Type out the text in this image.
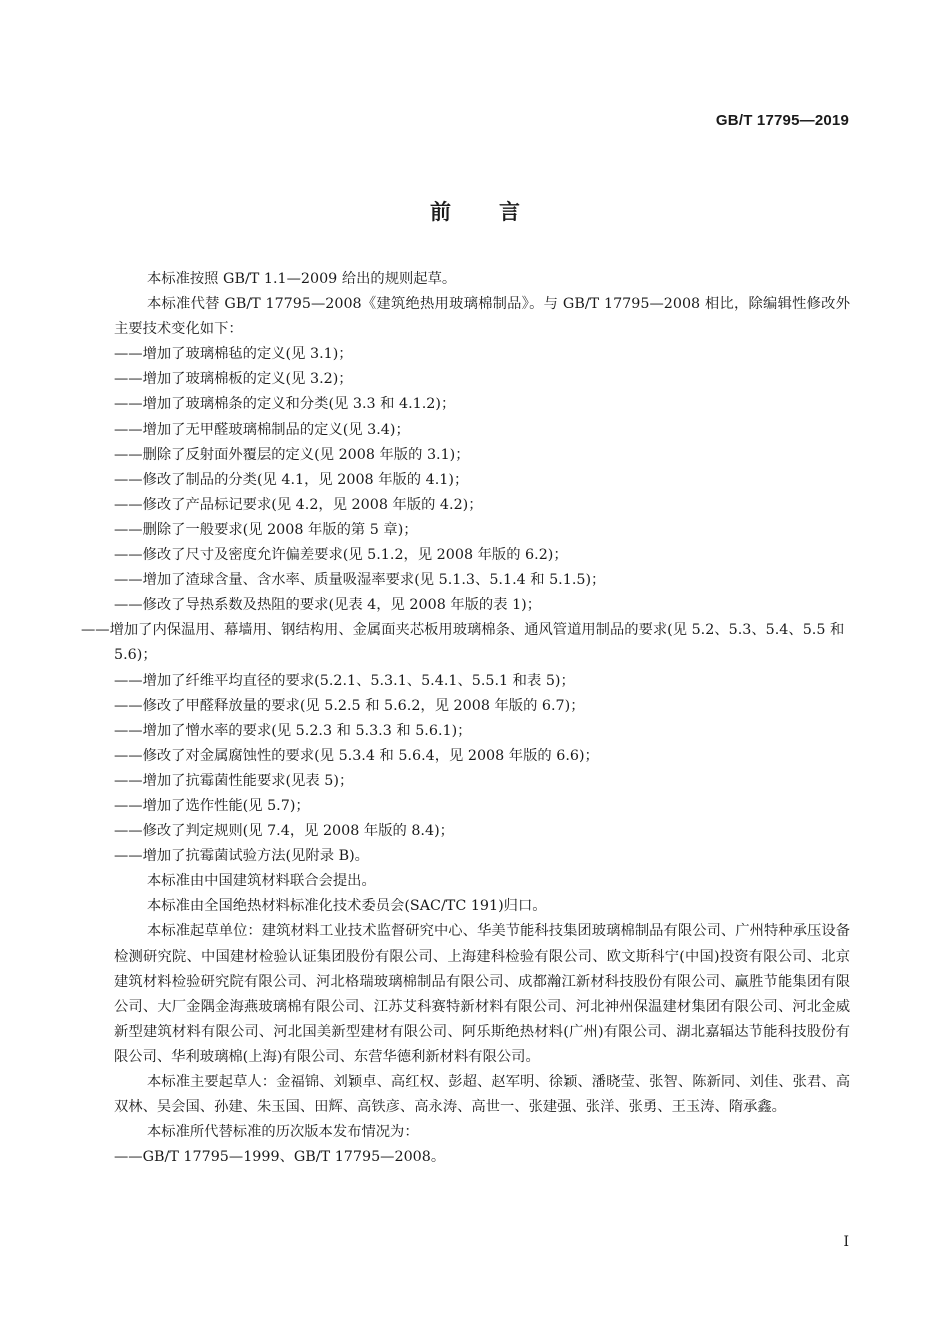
GB/T 17795—2019
前言

本标准按照 GB/T 1.1—2009 给出的规则起草。

本标准代替 GB/T 17795—2008《建筑绝热用玻璃棉制品》。与 GB/T 17795—2008 相比，除编辑性修改外主要技术变化如下：

——增加了玻璃棉毡的定义(见 3.1)；

——增加了玻璃棉板的定义(见 3.2)；

——增加了玻璃棉条的定义和分类(见 3.3 和 4.1.2)；

——增加了无甲醛玻璃棉制品的定义(见 3.4)；

——删除了反射面外覆层的定义(见 2008 年版的 3.1)；

——修改了制品的分类(见 4.1，见 2008 年版的 4.1)；

——修改了产品标记要求(见 4.2，见 2008 年版的 4.2)；

——删除了一般要求(见 2008 年版的第 5 章)；

——修改了尺寸及密度允许偏差要求(见 5.1.2，见 2008 年版的 6.2)；

——增加了渣球含量、含水率、质量吸湿率要求(见 5.1.3、5.1.4 和 5.1.5)；

——修改了导热系数及热阻的要求(见表 4，见 2008 年版的表 1)；

——增加了内保温用、幕墙用、钢结构用、金属面夹芯板用玻璃棉条、通风管道用制品的要求(见 5.2、5.3、5.4、5.5 和 5.6)；

——增加了纤维平均直径的要求(5.2.1、5.3.1、5.4.1、5.5.1 和表 5)；

——修改了甲醛释放量的要求(见 5.2.5 和 5.6.2，见 2008 年版的 6.7)；

——增加了憎水率的要求(见 5.2.3 和 5.3.3 和 5.6.1)；

——修改了对金属腐蚀性的要求(见 5.3.4 和 5.6.4，见 2008 年版的 6.6)；

——增加了抗霉菌性能要求(见表 5)；

——增加了选作性能(见 5.7)；

——修改了判定规则(见 7.4，见 2008 年版的 8.4)；

——增加了抗霉菌试验方法(见附录 B)。

本标准由中国建筑材料联合会提出。

本标准由全国绝热材料标准化技术委员会(SAC/TC 191)归口。

本标准起草单位：建筑材料工业技术监督研究中心、华美节能科技集团玻璃棉制品有限公司、广州特种承压设备检测研究院、中国建材检验认证集团股份有限公司、上海建科检验有限公司、欧文斯科宁(中国)投资有限公司、北京建筑材料检验研究院有限公司、河北格瑞玻璃棉制品有限公司、成都瀚江新材科技股份有限公司、赢胜节能集团有限公司、大厂金隅金海燕玻璃棉有限公司、江苏艾科赛特新材料有限公司、河北神州保温建材集团有限公司、河北金威新型建筑材料有限公司、河北国美新型建材有限公司、阿乐斯绝热材料(广州)有限公司、湖北嘉辐达节能科技股份有限公司、华利玻璃棉(上海)有限公司、东营华德利新材料有限公司。

本标准主要起草人：金福锦、刘颖卓、高红权、彭超、赵军明、徐颖、潘晓莹、张智、陈新同、刘佳、张君、高双林、吴会国、孙建、朱玉国、田辉、高铁彦、高永涛、高世一、张建强、张洋、张勇、王玉涛、隋承鑫。

本标准所代替标准的历次版本发布情况为：

——GB/T 17795—1999、GB/T 17795—2008。

I
